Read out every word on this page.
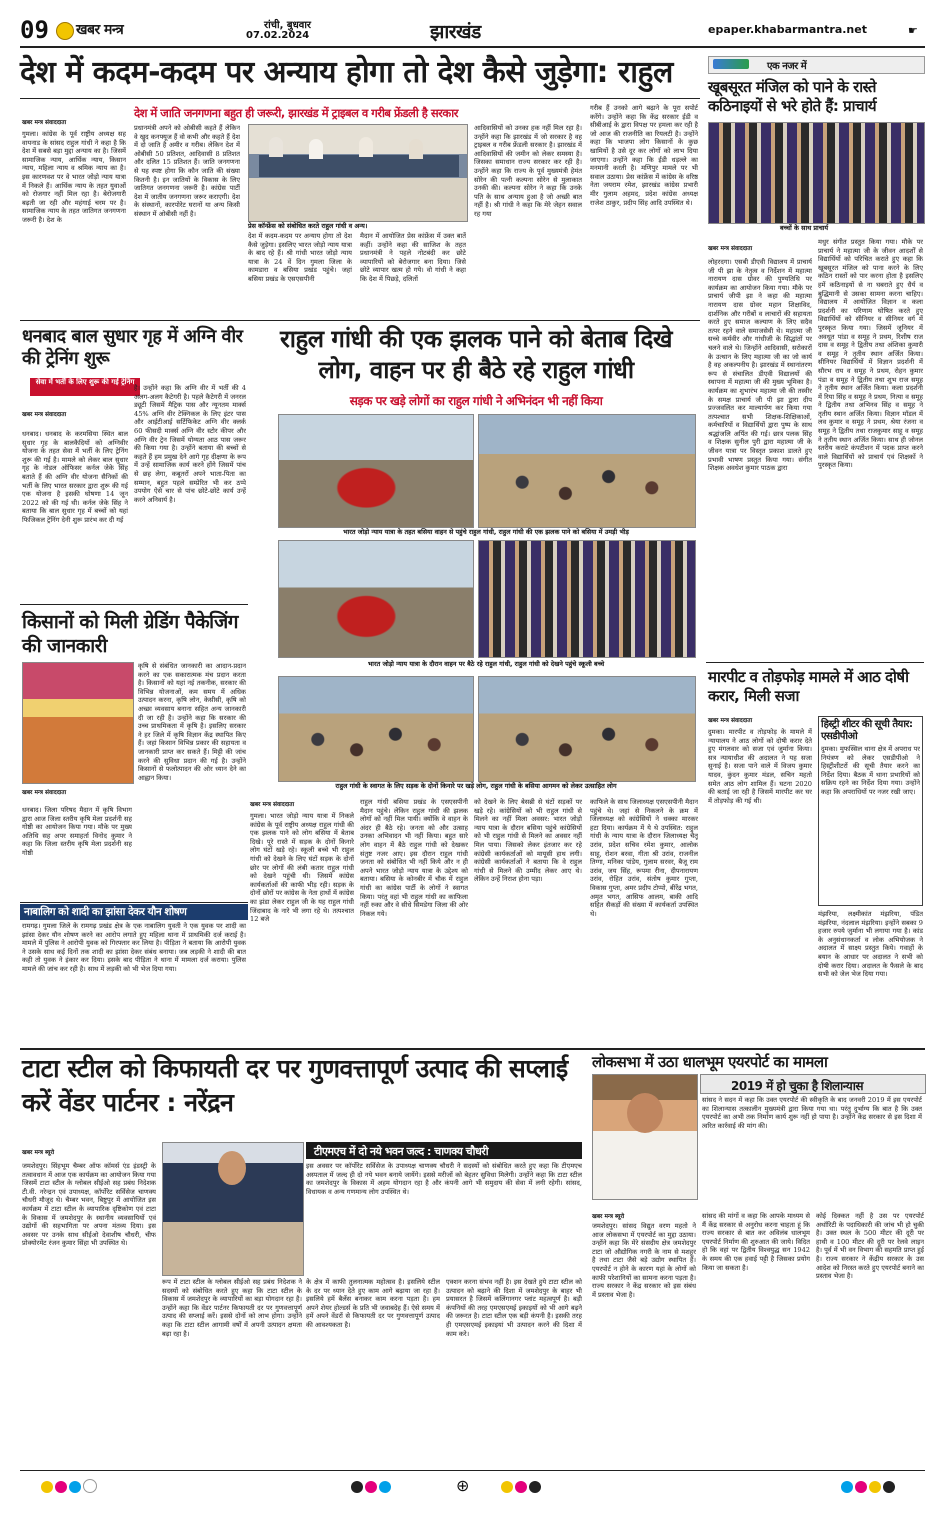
09 खबर मन्त्र	रांची, बुधवार
07.02.2024	झारखंड	epaper.khabarmantra.net	☛
देश में कदम-कदम पर अन्याय होगा तो देश कैसे जुड़ेगा: राहुल
खबर मन्त्र संवाददाता
देश में जाति जनगणना बहुत ही जरूरी, झारखंड में ट्राइबल व गरीब फ्रेंडली है सरकार
गुमला। कांग्रेस के पूर्व राष्ट्रीय अध्यक्ष सह वायनाड के सांसद राहुल गांधी ने कहा है कि देश में सबसे बड़ा मुद्दा अन्याय का है। जिसमें सामाजिक न्याय, आर्थिक न्याय, किसान न्याय, महिला न्याय व श्रमिक न्याय का है। इस कारणवश पर वे भारत जोड़ो न्याय यात्रा में निकले हैं। आर्थिक न्याय के तहत युवाओं को रोजगार नहीं मिल रहा है। बेरोजगारी बढ़ती जा रही और महंगाई चरम पर है। सामाजिक न्याय के तहत जातिगत जनगणना जरूरी है। देश के
प्रधानमंत्री अपने को ओबीसी कहते हैं लेकिन वे खुद कनफ्यूज हैं वो कभी और कहते हैं देश में दो जाति है अमीर व गरीब। लेकिन देश में ओबीसी 50 प्रतिशत, आदिवासी 8 प्रतिशत और दलित 15 प्रतिशत हैं। जाति जनगणना से यह स्पष्ट होगा कि कौन जाति की संख्या कितनी है। इन जातियों के विकास के लिए जातिगत जनगणना जरूरी है। कांग्रेस पार्टी देश में जातीय जनगणना जरूर कराएगी। देश के संस्थानों, कारपोरेट घरानों या अन्य किसी संस्थान में ओबीसी नहीं है।
प्रेस कॉन्फ्रेंस को संबोधित करते राहुल गांधी व अन्य।
देश में कदम-कदम पर अन्याय होगा तो देश कैसे जुड़ेगा। इसलिए भारत जोड़ो न्याय यात्रा के बाद रहे हैं। श्री गांधी भारत जोड़ो न्याय यात्रा के 24 वें दिन गुमला जिला के कामडारा व बसिया प्रखंड पहुंचे। जहां बसिया प्रखंड के एसएसपीनी
मैदान में आयोजित प्रेस कांफ्रेंस में उक्त बातें कहीं। उन्होंने कहा की साजिश के तहत प्रधानमंत्री ने पहले नोटबंदी कर छोटे व्यापारियों को बेरोजगार बना दिया। जिसे छोटे व्यापार खत्म हो गये। वो गांधी ने कहा कि देश में पिछड़े, दलितों
आदिवासियों को उनका हक नहीं मिल रहा है। उन्होंने कहा कि झारखंड में जो सरकार है वह ट्राइबल व गरीब फ्रेंडली सरकार है। झारखंड में आदिवासियों की जमीन को लेकर समस्या है। जिसका समाधान राज्य सरकार कर रही है। उन्होंने कहा कि राज्य के पूर्व मुख्यमंत्री हेमंत सोरेन की पत्नी कल्पना सोरेन से मुलाकात उनकी की। कल्पना सोरेन ने कहा कि उनके पति के साथ अन्याय हुआ है जो अच्छी बात नहीं है। श्री गांधी ने कहा कि मेरे जेहन सवाल रह गया
गरीब हैं उनको आगे बढ़ाने के पूरा सपोर्ट करेंगे। उन्होंने कहा कि केंद्र सरकार ईडी व सीबीआई के द्वारा विपक्ष पर हमला कर रही है जो आज की राजनीति का रियलटी है। उन्होंने कहा कि भाजपा लोग किसानों के कुछ खामियों है उसे दूर कर लोगों को लाभ दिया जाएगा। उन्होंने कहा कि ईडी धड़ल्ले का मनमानी करती है। मणिपुर मामले पर भी सवाल उठाया। प्रेस कांफ्रेंस में कांग्रेस के वरिष्ठ नेता जयराम रमेश, झारखंड कांग्रेस प्रभारी मीर गुलाम अहमद, प्रदेश कांग्रेस अध्यक्ष राजेश ठाकुर, प्रदीप सिंह आदि उपस्थित थे।
एक नजर में
खूबसूरत मंजिल को पाने के रास्ते कठिनाइयों से भरे होते हैं: प्राचार्य
बच्चों के साथ प्राचार्य
खबर मन्त्र संवाददाता
लोहरदगा। एसबी डीएवी विद्यालय में प्राचार्य जी पी झा के नेतृत्व व निर्देशन में महात्मा नारायण दास ग्रोवर की पुण्यतिथि पर कार्यक्रम का आयोजन किया गया। मौके पर प्राचार्य जीपी झा ने कहा की महात्मा नारायण दास ग्रोवर महान शिक्षाविद, दार्शनिक और गरीबों व लाचारों की सहायता करते हुए समाज कल्याण के लिए सदैव तत्पर रहने वाले समाजसेवी थे। महात्मा जी सच्चे कर्मवीर और गांधीजी के सिद्धांतों पर चलने वाले थे। जिन्होंने आदिवासी, सरोकारों के उत्थान के लिए महात्मा जी का जो कार्य है वह अकल्पनीय है। झारखंड में स्थानांतरण रूप से संचालित डीएवी विद्यालयों की स्थापना में महात्मा जी की मुख्य भूमिका है। कार्यक्रम का शुभारंभ महात्मा जी की तस्वीर के समक्ष प्राचार्य जी पी झा द्वारा दीप प्रज्जवलित कर माल्यार्पण कर किया गया तत्पश्चात सभी शिक्षक-शिक्षिकाओं, कर्मचारियों व विद्यार्थियों द्वारा पुष्प के साथ श्रद्धांजलि अर्पित की गई। छात्र पलक सिंह व शिक्षक सुनील पुरी द्वारा महात्मा जी के जीवन यात्रा पर विस्तृत प्रकाश डालते हुए प्रभावी भाषण प्रस्तुत किया गया। संगीत शिक्षक अवधेश कुमार पाठक द्वारा
मधुर संगीत प्रस्तुत किया गया। मौके पर प्राचार्य ने महात्मा जी के जीवन आदर्शों से विद्यार्थियों को परिचित कराते हुए कहा कि खूबसूरत मंजिल को पाना करने के लिए कठिन रास्तों को पार करना होता है इसलिए हमें कठिनाइयों से ना घबराते हुए धैर्य व बुद्धिमानी से उसका सामना करना चाहिए। विद्यालय में आयोजित विज्ञान व कला प्रदर्शनी का परिणाम घोषित करते हुए विद्यार्थियों को सीनियर व सीनियर वर्ग में पुरस्कृत किया गया। जिसमें जूनियर में अवधूत पांडा व समूह ने प्रथम, रिशीष राज दास व समूह ने द्वितीय तथा अंशिका कुमारी व समूह ने तृतीय स्थान अर्जित किया। सीनियर विद्यार्थियों में विज्ञान प्रदर्शनी में सौरभ राय व समूह ने प्रथम, रोहन कुमार पंडा व समूह ने द्वितीय तथा शुभ राज समूह ने तृतीय स्थान अर्जित किया। कला प्रदर्शनी में रिया सिंह व समूह ने प्रथम, नित्या व समूह ने द्वितीय तथा अभिनव सिंह व समूह ने तृतीय स्थान अर्जित किया। विज्ञान मॉडल में लव कुमार व समूह ने प्रथम, श्रेया रंजना व समूह ने द्वितीय तथा राजकुमार साहू व समूह ने तृतीय स्थान अर्जित किया। साथ ही जोनल स्तरीय कराटे कंपटीशन में पदक प्राप्त करने वाले विद्यार्थियों को प्राचार्य एवं शिक्षकों ने पुरस्कृत किया।
धनबाद बाल सुधार गृह में अग्नि वीर की ट्रेनिंग शुरू
सेवा में भर्ती के लिए शुरू की गई ट्रेनिंग
खबर मन्त्र संवाददाता
धनबाद। धनबाद के करमसिया स्थित बाल सुधार गृह के बालकैदियों को अग्निवीर योजना के तहत सेवा में भर्ती के लिए ट्रेनिंग शुरू की गई है। मामले को लेकर बाल सुधार गृह के नोडल ऑफिसर कर्नल जेके सिंह बताते हैं की अग्नि वीर योजना सैनिकों की भर्ती के लिए भारत सरकार द्वारा शुरू की गई एक योजना है इसकी घोषणा 14 जून 2022 को की गई थी। कर्नल जेके सिंह ने बताया कि बाल सुधार गृह में बच्चों को यहां फिजिकल ट्रेनिंग देनी शुरू प्रारंभ कर दी गई
है। उन्होंने कहा कि अग्नि वीर में भर्ती की 4 अलग-अलग कैटेगरी है। पहले कैटेगरी में जनरल ड्यूटी जिसमें मैट्रिक पास और न्यूनतम मार्क्स 45% अग्नि वीर टेक्निकल के लिए इंटर पास और आईटीआई सर्टिफिकेट अग्नि वीर क्लर्क 60 फीसदी मार्क्स अग्नि वीर स्टोर कीपर और अग्नि वीर ट्रेन जिसमें योग्यता आठ पास जरूर की किया गया है। उन्होंने बताया की बच्चों से कहते हैं हम प्रमुख देने आगे गृह दीक्षणा के रूप में उन्हें सामाजिक कार्य करने होंगे जिसमें पांच से छह लेगा, कबूतरों अपने भाता-पिता का सम्मान, बहुत पहले सम्प्रेरित भी कर ठप्पे उपयोग ऐसे चार से पांच छोटे-छोटे कार्य उन्हें करने अनिवार्य है।
किसानों को मिली ग्रेडिंग पैकेजिंग की जानकारी
खबर मन्त्र संवाददाता
कृषि से संबंधित जानकारी का आदान-प्रदान करने का एक सकारात्मक मंच प्रदान करता है। किसानों को यहां नई तकनीक, सरकार की विभिन्न योजनाओं, कम समय में अधिक उत्पादन करना, कृषि लोन, केसीसी, कृषि को अच्छा व्यवसाय बनाना सहित अन्य जानकारी दी जा रही है। उन्होंने कहा कि सरकार की उच्च प्राथमिकता में कृषि है। इसलिए सरकार ने हर जिले में कृषि विज्ञान केंद्र स्थापित किए हैं। जहां किसान विभिन्न प्रकार की सहायता व जानकारी प्राप्त कर सकते हैं। मिट्टी की जांच करने की सुविधा प्रदान की गई है। उन्होंने किसानों से फलोत्पादन की ओर ध्यान देने का आह्वान किया।
धनबाद। जिला परिषद मैदान में कृषि विभाग द्वारा आज जिला स्तरीय कृषि मेला प्रदर्शनी सह गोष्ठी का आयोजन किया गया। मौके पर मुख्य अतिथि सह अपर समाहर्ता विनोद कुमार ने कहा कि जिला स्तरीय कृषि मेला प्रदर्शनी सह गोष्ठी
नाबालिग को शादी का झांसा देकर यौन शोषण
रामगढ़। गुमला जिले के रामगढ़ प्रखंड क्षेत्र के एक नाबालिग युवती ने एक युवक पर शादी का झांसा देकर यौन शोषण करने का आरोप लगाते हुए महिला थाना में प्राथमिकी दर्ज कराई है। मामले में पुलिस ने आरोपी युवक को गिरफ्तार कर लिया है। पीड़िता ने बताया कि आरोपी युवक ने उसके साथ कई दिनों तक शादी का झांसा देकर संबंध बनाया। जब लड़की ने शादी की बात कही तो युवक ने इंकार कर दिया। इसके बाद पीड़िता ने थाना में मामला दर्ज कराया। पुलिस मामले की जांच कर रही है। साथ में लड़की को भी भेज दिया गया।
राहुल गांधी की एक झलक पाने को बेताब दिखे लोग, वाहन पर ही बैठे रहे राहुल गांधी
सड़क पर खड़े लोगों का राहुल गांधी ने अभिनंदन भी नहीं किया
भारत जोड़ो न्याय यात्रा के तहत बसिया वाहन से पहुंचे राहुल गांधी, राहुल गांधी की एक झलक पाने को बसिया में उमड़ी भीड़
भारत जोड़ो न्याय यात्रा के दौरान वाहन पर बैठे रहे राहुल गांधी, राहुल गांधी को देखने पहुंचे स्कूली बच्चे
राहुल गांधी के स्वागत के लिए सड़क के दोनों किनारे पर खड़े लोग, राहुल गांधी के बसिया आगमन को लेकर उत्साहित लोग
खबर मन्त्र संवाददाता
गुमला। भारत जोड़ो न्याय यात्रा में निकले कांग्रेस के पूर्व राष्ट्रीय अध्यक्ष राहुल गांधी की एक झलक पाने को लोग बसिया में बेताब दिखे। पूरे रास्ते में सड़क के दोनों किनारे लोग घंटों खड़े रहे। स्कूली बच्चे भी राहुल गांधी को देखने के लिए घंटों सड़क के दोनों छोर पर लोगों की लंबी कतार राहुल गांधी को देखने पहुंची थी। जिसमें कांग्रेस कार्यकर्ताओं की काफी भीड़ रही। सड़क के दोनों छोरों पर कांग्रेस के नेता हाथों में कांग्रेस का झंडा लेकर राहुल जी के यह राहुल गांधी जिंदाबाद के नारे भी लगा रहे थे। तत्पश्चात 12 बजे
राहुल गांधी बसिया प्रखंड के एसएसपीनी मैदान पहुंचे। लेकिन राहुल गांधी की झलक लोगों को नहीं मिल पायी। क्योंकि वे वाहन के अंदर ही बैठे रहे। जनता को और उत्साह उनका अभिवादन भी नहीं किया। बहुत सारे लोग वाहन में बैठे राहुल गांधी को देखकर संतुष्ट नजर आए। इस दौरान राहुल गांधी जनता को संबोधित भी नहीं किये और न ही अपने भारत जोड़ो न्याय यात्रा के उद्देश्य को बताया। बसिया के कोनबीर में चौक में राहुल गांधी का कांग्रेस पार्टी के लोगों ने स्वागत किया। परंतु वहां भी राहुल गांधी का काफिला नहीं रुका और वे सीधे सिमडेगा जिला की ओर निकल गये।
को देखने के लिए बेसब्री से घंटों सड़कों पर खड़े रहे। कांग्रेसियों को भी राहुल गांधी से मिलने का नहीं मिला अवसर: भारत जोड़ो न्याय यात्रा के दौरान बसिया पहुंचे कांग्रेसियों को भी राहुल गांधी से मिलने का अवसर नहीं मिल पाया। जिसको लेकर इंतजार कर रहे कांग्रेसी कार्यकर्ताओं को मायूसी हाथ लगी। कांग्रेसी कार्यकर्ताओं ने बताया कि वे राहुल गांधी से मिलने की उम्मीद लेकर आए थे। लेकिन उन्हें निराश होना पड़ा।
काफिले के साथ जिलाध्यक्ष एसएसपीनी मैदान पहुंचे थे। जहां से निकलने के क्रम में जिलाध्यक्ष को कांग्रेसियों ने धक्का मारकर हटा दिया। कार्यक्रम में ये थे उपस्थित: राहुल गांधी के न्याय यात्रा के दौरान जिलाध्यक्ष चैतू उरांव, प्रदेश सचिव रमेश कुमार, आलोक साहू, रोशन बरवा, गीता श्री उरांव, राजनील तिग्गा, मनिका पांडेय, गुलाम सरवर, बैजू राम उरांव, जय सिंह, रूपमा रीना, दीपनारायण उरांव, रोहित उरांव, संतोष कुमार गुप्ता, विकास गुप्ता, अमर प्रदीप टोप्पो, बीरेंद्र भगत, अमृत भगत, आसिफ आलम, बाकी आदि सहित सैकड़ों की संख्या में कार्यकर्ता उपस्थित थे।
मारपीट व तोड़फोड़ मामले में आठ दोषी करार, मिली सजा
खबर मन्त्र संवाददाता
दुमका। मारपीट व तोड़फोड़ के मामले में न्यायालय ने आठ लोगों को दोषी करार देते हुए मंगलवार को सजा एवं जुर्माना किया। सत्र न्यायाधीश की अदालत ने यह सजा सुनाई है। सजा पाने वाले में विजय कुमार यादव, कुंदन कुमार मंडल, सचिन महतो समेत आठ लोग शामिल हैं। घटना 2020 की बताई जा रही है जिसमें मारपीट कर घर में तोड़फोड़ की गई थी।
हिस्ट्री शीटर की सूची तैयार: एसडीपीओ
दुमका। मुफस्सिल थाना क्षेत्र में अपराध पर नियंत्रण को लेकर एसडीपीओ ने हिस्ट्रीशीटरों की सूची तैयार करने का निर्देश दिया। बैठक में थाना प्रभारियों को सक्रिय रहने का निर्देश दिया गया। उन्होंने कहा कि अपराधियों पर नजर रखी जाए।
मंझरिया, लक्ष्मीकांत मंझरिया, पंडित मंझरिया, नंदलाल मंझरिया। इन्होंने सबका 9 हजार रुपये जुर्माना भी लगाया गया है। कांड के अनुसंधानकर्ता व लोक अभियोजक ने अदालत में साक्ष्य प्रस्तुत किये। गवाहों के बयान के आधार पर अदालत ने सभी को दोषी करार दिया। अदालत के फैसले के बाद सभी को जेल भेज दिया गया।
टाटा स्टील को किफायती दर पर गुणवत्तापूर्ण उत्पाद की सप्लाई करें वेंडर पार्टनर : नरेंद्रन
खबर मन्त्र ब्यूरो
जमशेदपुर। सिंहभूम चैम्बर ऑफ कॉमर्स एंड इंडस्ट्री के तत्वावधान में आज एक कार्यक्रम का आयोजन किया गया जिसमें टाटा स्टील के ग्लोबल सीईओ सह प्रबंध निदेशक टी.वी. नरेन्द्रन एवं उपाध्यक्ष, कॉर्पोरेट सर्विसेज चाणक्य चौधरी मौजूद थे। चैम्बर भवन, बिष्टुपुर में आयोजित इस कार्यक्रम में टाटा स्टील के व्यापारिक दृष्टिकोण एवं टाटा के विकास में जमशेदपुर के स्थानीय व्यवसायियों एवं उद्योगों की सहभागिता पर अपना मंतव्य दिया। इस अवसर पर उनके साथ सीईओ देवाशीष चौधरी, चीफ प्रोक्योरमेंट रंजन कुमार सिंहा भी उपस्थित थे।
टीएमएच में दो नये भवन जल्द : चाणक्य चौधरी
इस अवसर पर कॉर्पोरेट सर्विसेज के उपाध्यक्ष चाणक्य चौधरी ने सदस्यों को संबोधित करते हुए कहा कि टीएमएच अस्पताल में जल्द ही दो नये भवन बनाये जायेंगे। इससे मरीजों को बेहतर सुविधा मिलेगी। उन्होंने कहा कि टाटा स्टील का जमशेदपुर के विकास में अहम योगदान रहा है और कंपनी आगे भी समुदाय की सेवा में लगी रहेगी। सांसद, विधायक व अन्य गणमान्य लोग उपस्थित थे।
रूप में टाटा स्टील के ग्लोबल सीईओ सह प्रबंध निदेशक ने सदस्यों को संबोधित करते हुए कहा कि टाटा स्टील के विकास में जमशेदपुर के व्यापारियों का बड़ा योगदान रहा है। उन्होंने कहा कि वेंडर पार्टनर किफायती दर पर गुणवत्तापूर्ण उत्पाद की सप्लाई करें। इससे दोनों को लाभ होगा। उन्होंने कहा कि टाटा स्टील आगामी वर्षों में अपनी उत्पादन क्षमता बढ़ा रहा है।
के क्षेत्र में काफी तुलनात्मक महोत्सव है। इसलिये स्टील के दर पर ध्यान देते हुए काम आगे बढ़ाया जा रहा है। इसलिये हमें बैलेंस बनाकर काम करना पड़ता है। हम अपने शेयर होल्डर्स के प्रति भी जवाबदेह हैं। ऐसे समय में हमें अपने वेंडरों से किफायती दर पर गुणवत्तापूर्ण उत्पाद की आवश्यकता है।
एक्शन करना संभव नहीं है। इस देखते हुये टाटा स्टील को उत्पादन को बढ़ाने की दिशा में जमशेदपुर के बाहर भी प्रयासरत है जिसमें कलिंगानगर प्लांट महत्वपूर्ण है। बड़ी कंपनियों की तरह एमएसएमई इकाइयों को भी आगे बढ़ने की जरूरत है। टाटा स्टील एक बड़ी कंपनी है। इसकी तरह ही एमएसएमई इकाइयां भी उत्पादन करने की दिशा में काम करे।
लोकसभा में उठा धालभूम एयरपोर्ट का मामला
2019 में हो चुका है शिलान्यास
सांसद ने सदन में कहा कि उक्त एयरपोर्ट की स्वीकृति के बाद जनवरी 2019 में इस एयरपोर्ट का शिलान्यास तत्कालीन मुख्यमंत्री द्वारा किया गया था। परंतु दुर्भाग्य कि बात है कि उक्त एयरपोर्ट का अभी तक निर्माण कार्य शुरू नहीं हो पाया है। उन्होंने केंद्र सरकार से इस दिशा में त्वरित कार्रवाई की मांग की।
खबर मन्त्र ब्यूरो
जमशेदपुर। सांसद विद्युत वरण महतो ने आज लोकसभा में एयरपोर्ट का मुद्दा उठाया। उन्होंने कहा कि मेरे संसदीय क्षेत्र जमशेदपुर टाटा जो औद्योगिक नगरी के नाम से मशहूर है तथा टाटा जैसे बड़े उद्योग स्थापित हैं। एयरपोर्ट न होने के कारण यहां के लोगों को काफी परेशानियों का सामना करना पड़ता है। राज्य सरकार ने केंद्र सरकार को इस संबंध में प्रस्ताव भेजा है।
सांसद की मांगों व कहा कि आपके माध्यम से मैं केंद्र सरकार से अनुरोध करना चाहता हूं कि राज्य सरकार से बात कर अविलंब धालभूम एयरपोर्ट निर्माण की शुरुआत की जाये। विदित हो कि वहां पर द्वितीय विश्वयुद्ध सन 1942 के समय की एक हवाई पट्टी है जिसका प्रयोग किया जा सकता है।
कोई दिक्कत नहीं है उस पर एयरपोर्ट अथॉरिटी के पदाधिकारी की जांच भी हो चुकी है। उक्त स्थल के 500 मीटर की दूरी पर हाथी व 100 मीटर की दूरी पर रेलवे लाइन है। पूर्व में भी वन विभाग की सहमति प्राप्त हुई है। राज्य सरकार ने केंद्रीय सरकार के उस आदेश को निरस्त करते हुए एयरपोर्ट बनाने का प्रस्ताव भेजा है।
⊕
